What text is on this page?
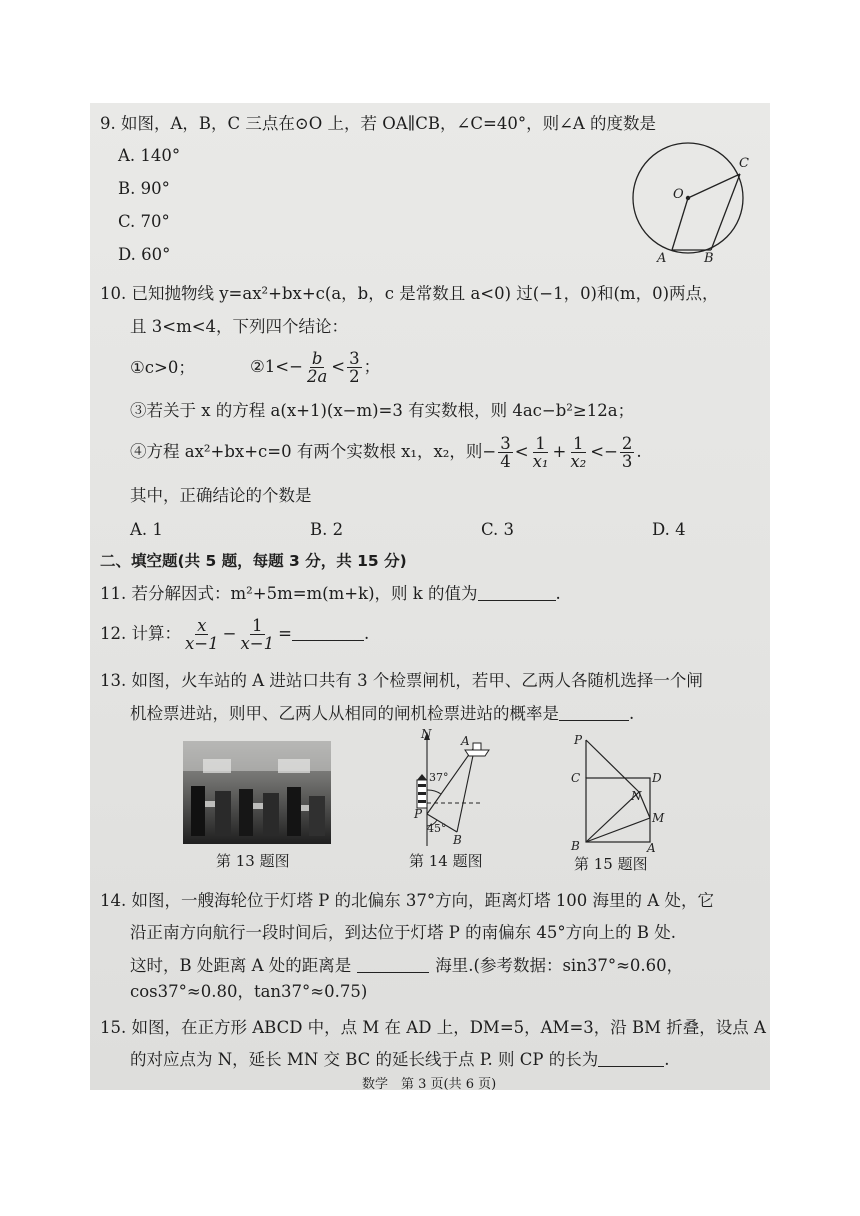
9. 如图，A，B，C 三点在⊙O 上，若 OA∥CB，∠C=40°，则∠A 的度数是
A. 140°
B. 90°
C. 70°
D. 60°
O
C
A	B
10. 已知抛物线 y=ax²+bx+c(a，b，c 是常数且 a<0) 过(−1，0)和(m，0)两点，
且 3<m<4，下列四个结论：
①c>0；	②1<− $\frac{b}{2a} < \frac{3}{2}$ ；
③若关于 x 的方程 a(x+1)(x−m)=3 有实数根，则 4ac−b²≥12a；
④方程 ax²+bx+c=0 有两个实数根 x₁，x₂，则− $\frac{3}{4} < \frac{1}{\text{x₁}} + \frac{1}{\text{x₂}} <- \frac{2}{3}$ .
其中，正确结论的个数是
A. 1	B. 2	C. 3	D. 4
二、填空题(共 5 题，每题 3 分，共 15 分)
11. 若分解因式：m²+5m=m(m+k)，则 k 的值为	.
12. 计算： $\frac{x}{x-1} - \frac{1}{x-1}$ =	.
13. 如图，火车站的 A 进站口共有 3 个检票闸机，若甲、乙两人各随机选择一个闸
机检票进站，则甲、乙两人从相同的闸机检票进站的概率是	.
第 13 题图
N A
P
B
37°
45°
第 14 题图
P
C	D
N
M
B	A
第 15 题图
14. 如图，一艘海轮位于灯塔 P 的北偏东 37°方向，距离灯塔 100 海里的 A 处，它
沿正南方向航行一段时间后，到达位于灯塔 P 的南偏东 45°方向上的 B 处.
这时，B 处距离 A 处的距离是	海里.(参考数据：sin37°≈0.60，
cos37°≈0.80，tan37°≈0.75)
15. 如图，在正方形 ABCD 中，点 M 在 AD 上，DM=5，AM=3，沿 BM 折叠，设点 A
的对应点为 N，延长 MN 交 BC 的延长线于点 P. 则 CP 的长为	.
数学　第 3 页(共 6 页)
